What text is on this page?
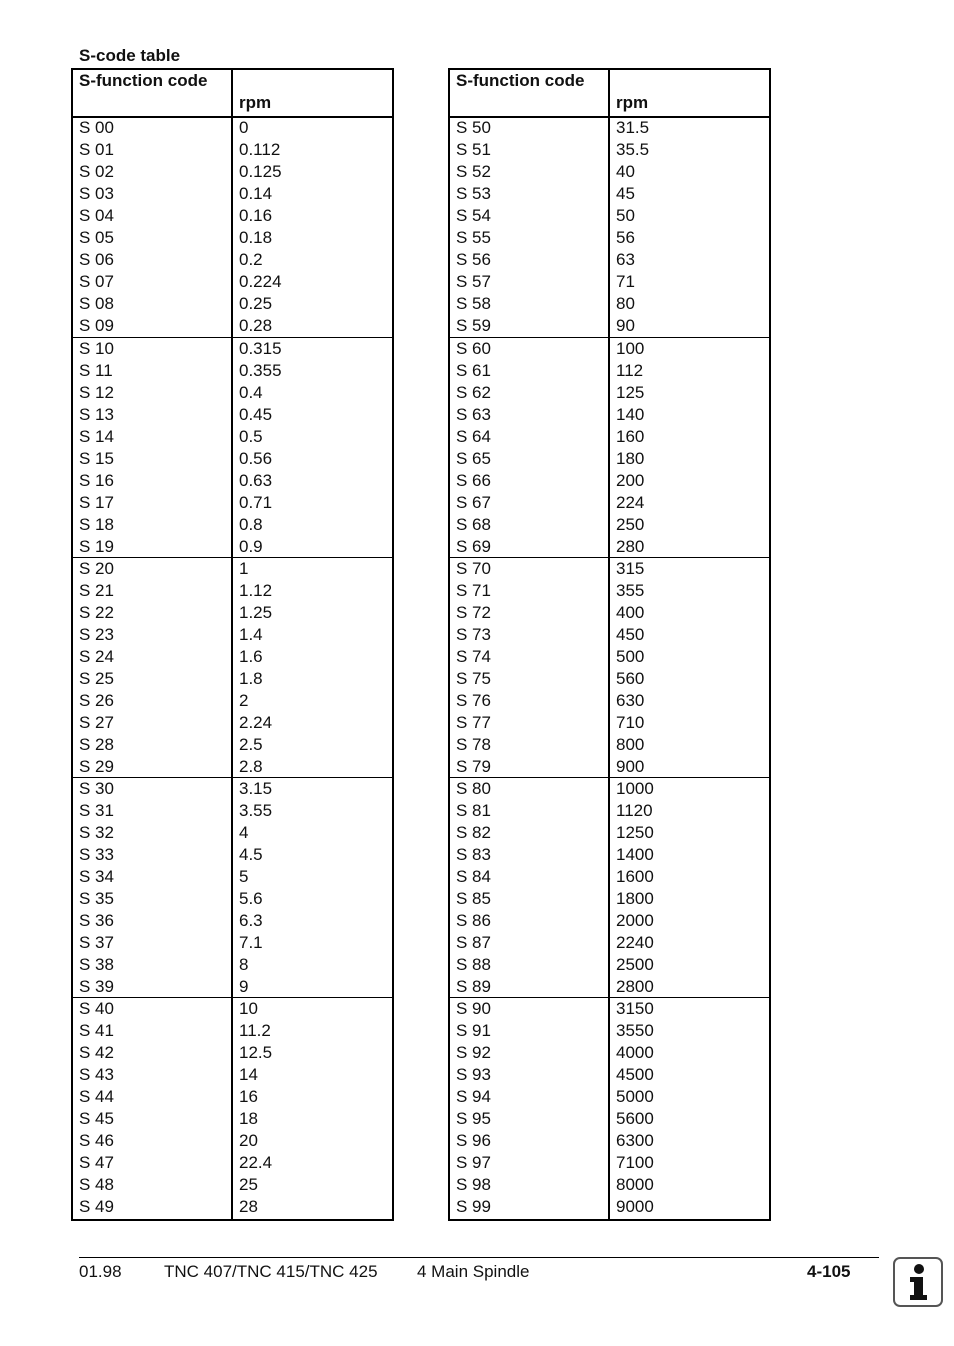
S-code table
S-function code
rpm
S 00	0
S 01	0.112
S 02	0.125
S 03	0.14
S 04	0.16
S 05	0.18
S 06	0.2
S 07	0.224
S 08	0.25
S 09	0.28
S 10	0.315
S 11	0.355
S 12	0.4
S 13	0.45
S 14	0.5
S 15	0.56
S 16	0.63
S 17	0.71
S 18	0.8
S 19	0.9
S 20	1
S 21	1.12
S 22	1.25
S 23	1.4
S 24	1.6
S 25	1.8
S 26	2
S 27	2.24
S 28	2.5
S 29	2.8
S 30	3.15
S 31	3.55
S 32	4
S 33	4.5
S 34	5
S 35	5.6
S 36	6.3
S 37	7.1
S 38	8
S 39	9
S 40	10
S 41	11.2
S 42	12.5
S 43	14
S 44	16
S 45	18
S 46	20
S 47	22.4
S 48	25
S 49	28
S-function code
rpm
S 50	31.5
S 51	35.5
S 52	40
S 53	45
S 54	50
S 55	56
S 56	63
S 57	71
S 58	80
S 59	90
S 60	100
S 61	112
S 62	125
S 63	140
S 64	160
S 65	180
S 66	200
S 67	224
S 68	250
S 69	280
S 70	315
S 71	355
S 72	400
S 73	450
S 74	500
S 75	560
S 76	630
S 77	710
S 78	800
S 79	900
S 80	1000
S 81	1120
S 82	1250
S 83	1400
S 84	1600
S 85	1800
S 86	2000
S 87	2240
S 88	2500
S 89	2800
S 90	3150
S 91	3550
S 92	4000
S 93	4500
S 94	5000
S 95	5600
S 96	6300
S 97	7100
S 98	8000
S 99	9000
01.98 TNC 407/TNC 415/TNC 425 4 Main Spindle	4-105
